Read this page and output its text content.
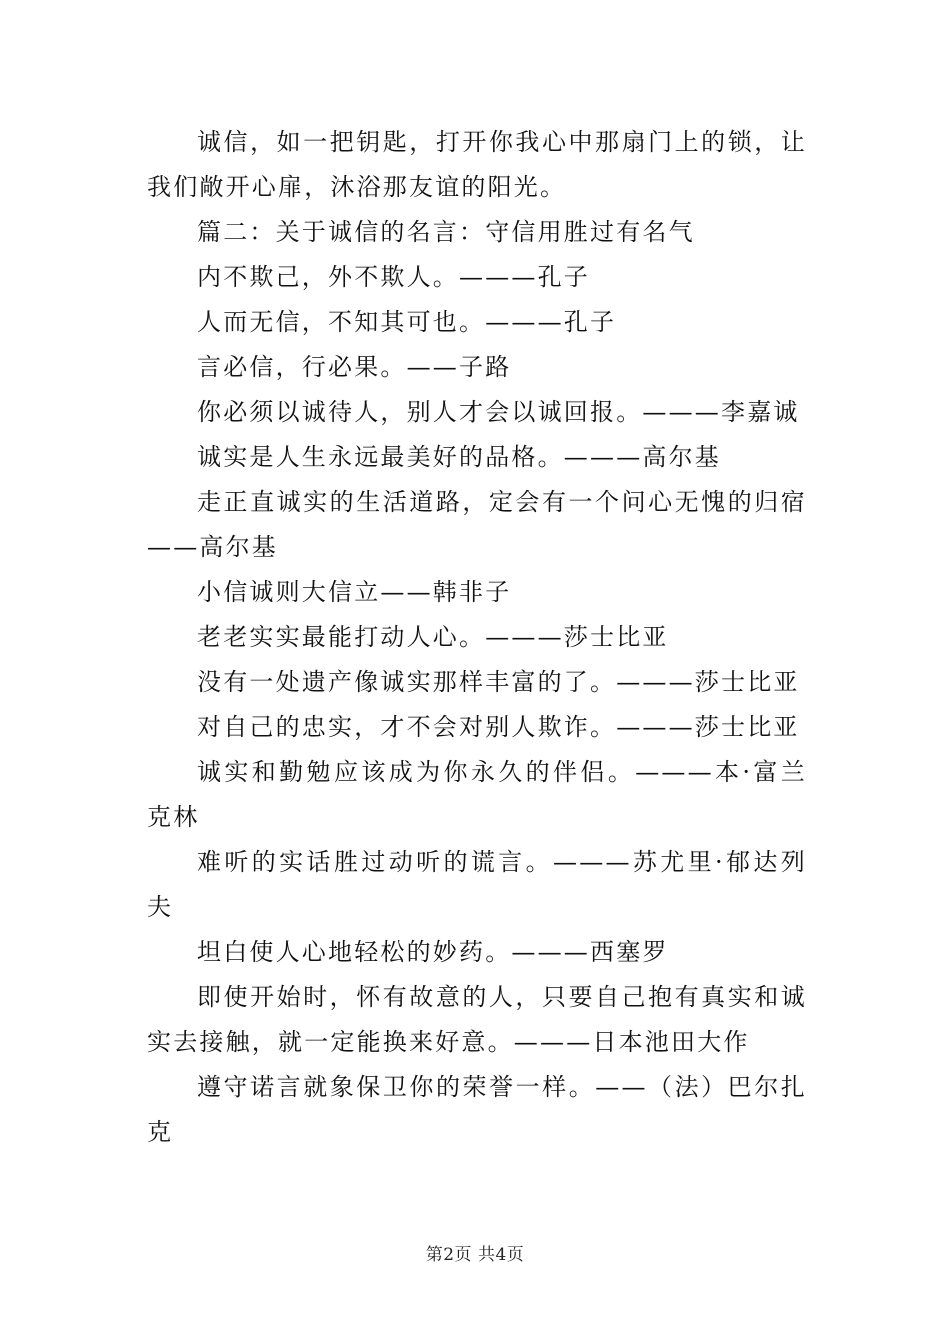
诚信，如一把钥匙，打开你我心中那扇门上的锁，让我们敞开心扉，沐浴那友谊的阳光。

篇二：关于诚信的名言：守信用胜过有名气

内不欺己，外不欺人。———孔子

人而无信，不知其可也。———孔子

言必信，行必果。——子路

你必须以诚待人，别人才会以诚回报。———李嘉诚

诚实是人生永远最美好的品格。———高尔基

走正直诚实的生活道路，定会有一个问心无愧的归宿——高尔基

小信诚则大信立——韩非子

老老实实最能打动人心。———莎士比亚

没有一处遗产像诚实那样丰富的了。———莎士比亚

对自己的忠实，才不会对别人欺诈。———莎士比亚

诚实和勤勉应该成为你永久的伴侣。———本·富兰克林

难听的实话胜过动听的谎言。———苏尤里·郁达列夫

坦白使人心地轻松的妙药。———西塞罗

即使开始时，怀有故意的人，只要自己抱有真实和诚实去接触，就一定能换来好意。———日本池田大作

遵守诺言就象保卫你的荣誉一样。——（法）巴尔扎克

第2页 共4页
